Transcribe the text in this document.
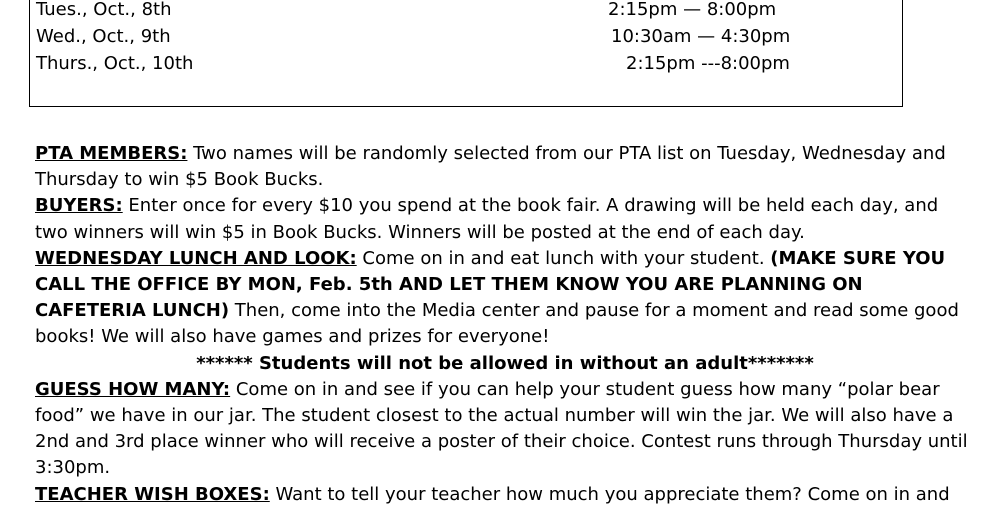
Tues., Oct., 8th	2:15pm — 8:00pm
Wed., Oct., 9th	10:30am — 4:30pm
Thurs., Oct., 10th	2:15pm ---8:00pm

PTA MEMBERS: Two names will be randomly selected from our PTA list on Tuesday, Wednesday and Thursday to win $5 Book Bucks.

BUYERS: Enter once for every $10 you spend at the book fair. A drawing will be held each day, and two winners will win $5 in Book Bucks. Winners will be posted at the end of each day.

WEDNESDAY LUNCH AND LOOK: Come on in and eat lunch with your student. (MAKE SURE YOU CALL THE OFFICE BY MON, Feb. 5th AND LET THEM KNOW YOU ARE PLANNING ON CAFETERIA LUNCH) Then, come into the Media center and pause for a moment and read some good books! We will also have games and prizes for everyone!

****** Students will not be allowed in without an adult*******

GUESS HOW MANY: Come on in and see if you can help your student guess how many “polar bear food” we have in our jar. The student closest to the actual number will win the jar. We will also have a 2nd and 3rd place winner who will receive a poster of their choice. Contest runs through Thursday until 3:30pm.

TEACHER WISH BOXES: Want to tell your teacher how much you appreciate them? Come on in and
